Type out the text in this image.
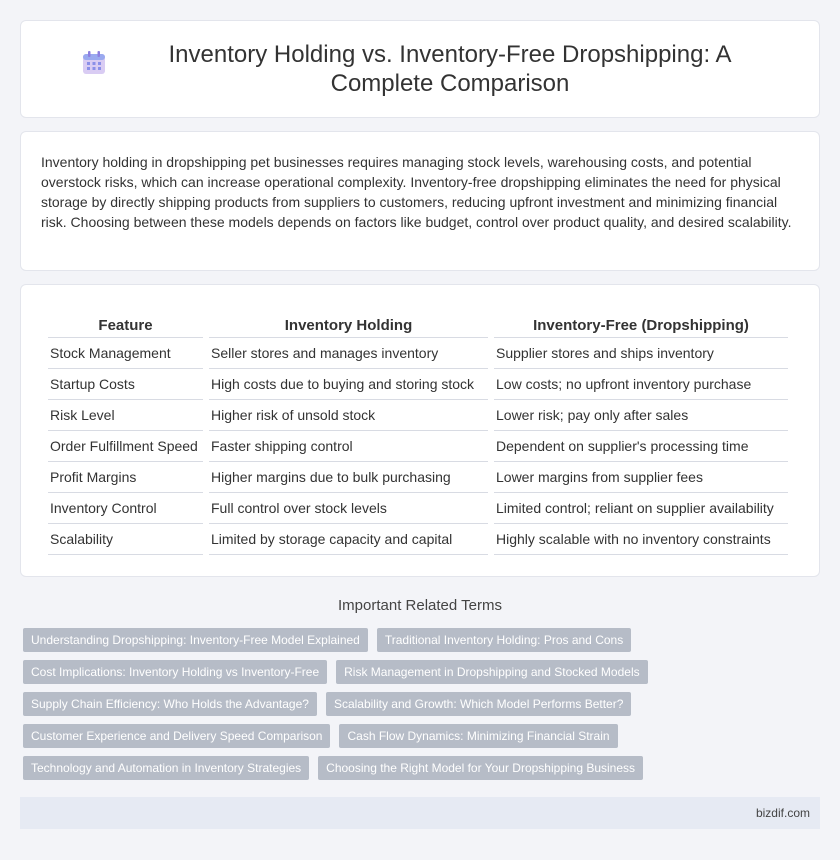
Inventory Holding vs. Inventory-Free Dropshipping: A Complete Comparison

Inventory holding in dropshipping pet businesses requires managing stock levels, warehousing costs, and potential overstock risks, which can increase operational complexity. Inventory-free dropshipping eliminates the need for physical storage by directly shipping products from suppliers to customers, reducing upfront investment and minimizing financial risk. Choosing between these models depends on factors like budget, control over product quality, and desired scalability.

Feature	Inventory Holding	Inventory-Free (Dropshipping)
Stock Management	Seller stores and manages inventory	Supplier stores and ships inventory
Startup Costs	High costs due to buying and storing stock	Low costs; no upfront inventory purchase
Risk Level	Higher risk of unsold stock	Lower risk; pay only after sales
Order Fulfillment Speed	Faster shipping control	Dependent on supplier's processing time
Profit Margins	Higher margins due to bulk purchasing	Lower margins from supplier fees
Inventory Control	Full control over stock levels	Limited control; reliant on supplier availability
Scalability	Limited by storage capacity and capital	Highly scalable with no inventory constraints
Important Related Terms
Understanding Dropshipping: Inventory-Free Model Explained	Traditional Inventory Holding: Pros and Cons
Cost Implications: Inventory Holding vs Inventory-Free	Risk Management in Dropshipping and Stocked Models
Supply Chain Efficiency: Who Holds the Advantage?	Scalability and Growth: Which Model Performs Better?
Customer Experience and Delivery Speed Comparison	Cash Flow Dynamics: Minimizing Financial Strain
Technology and Automation in Inventory Strategies	Choosing the Right Model for Your Dropshipping Business
bizdif.com
